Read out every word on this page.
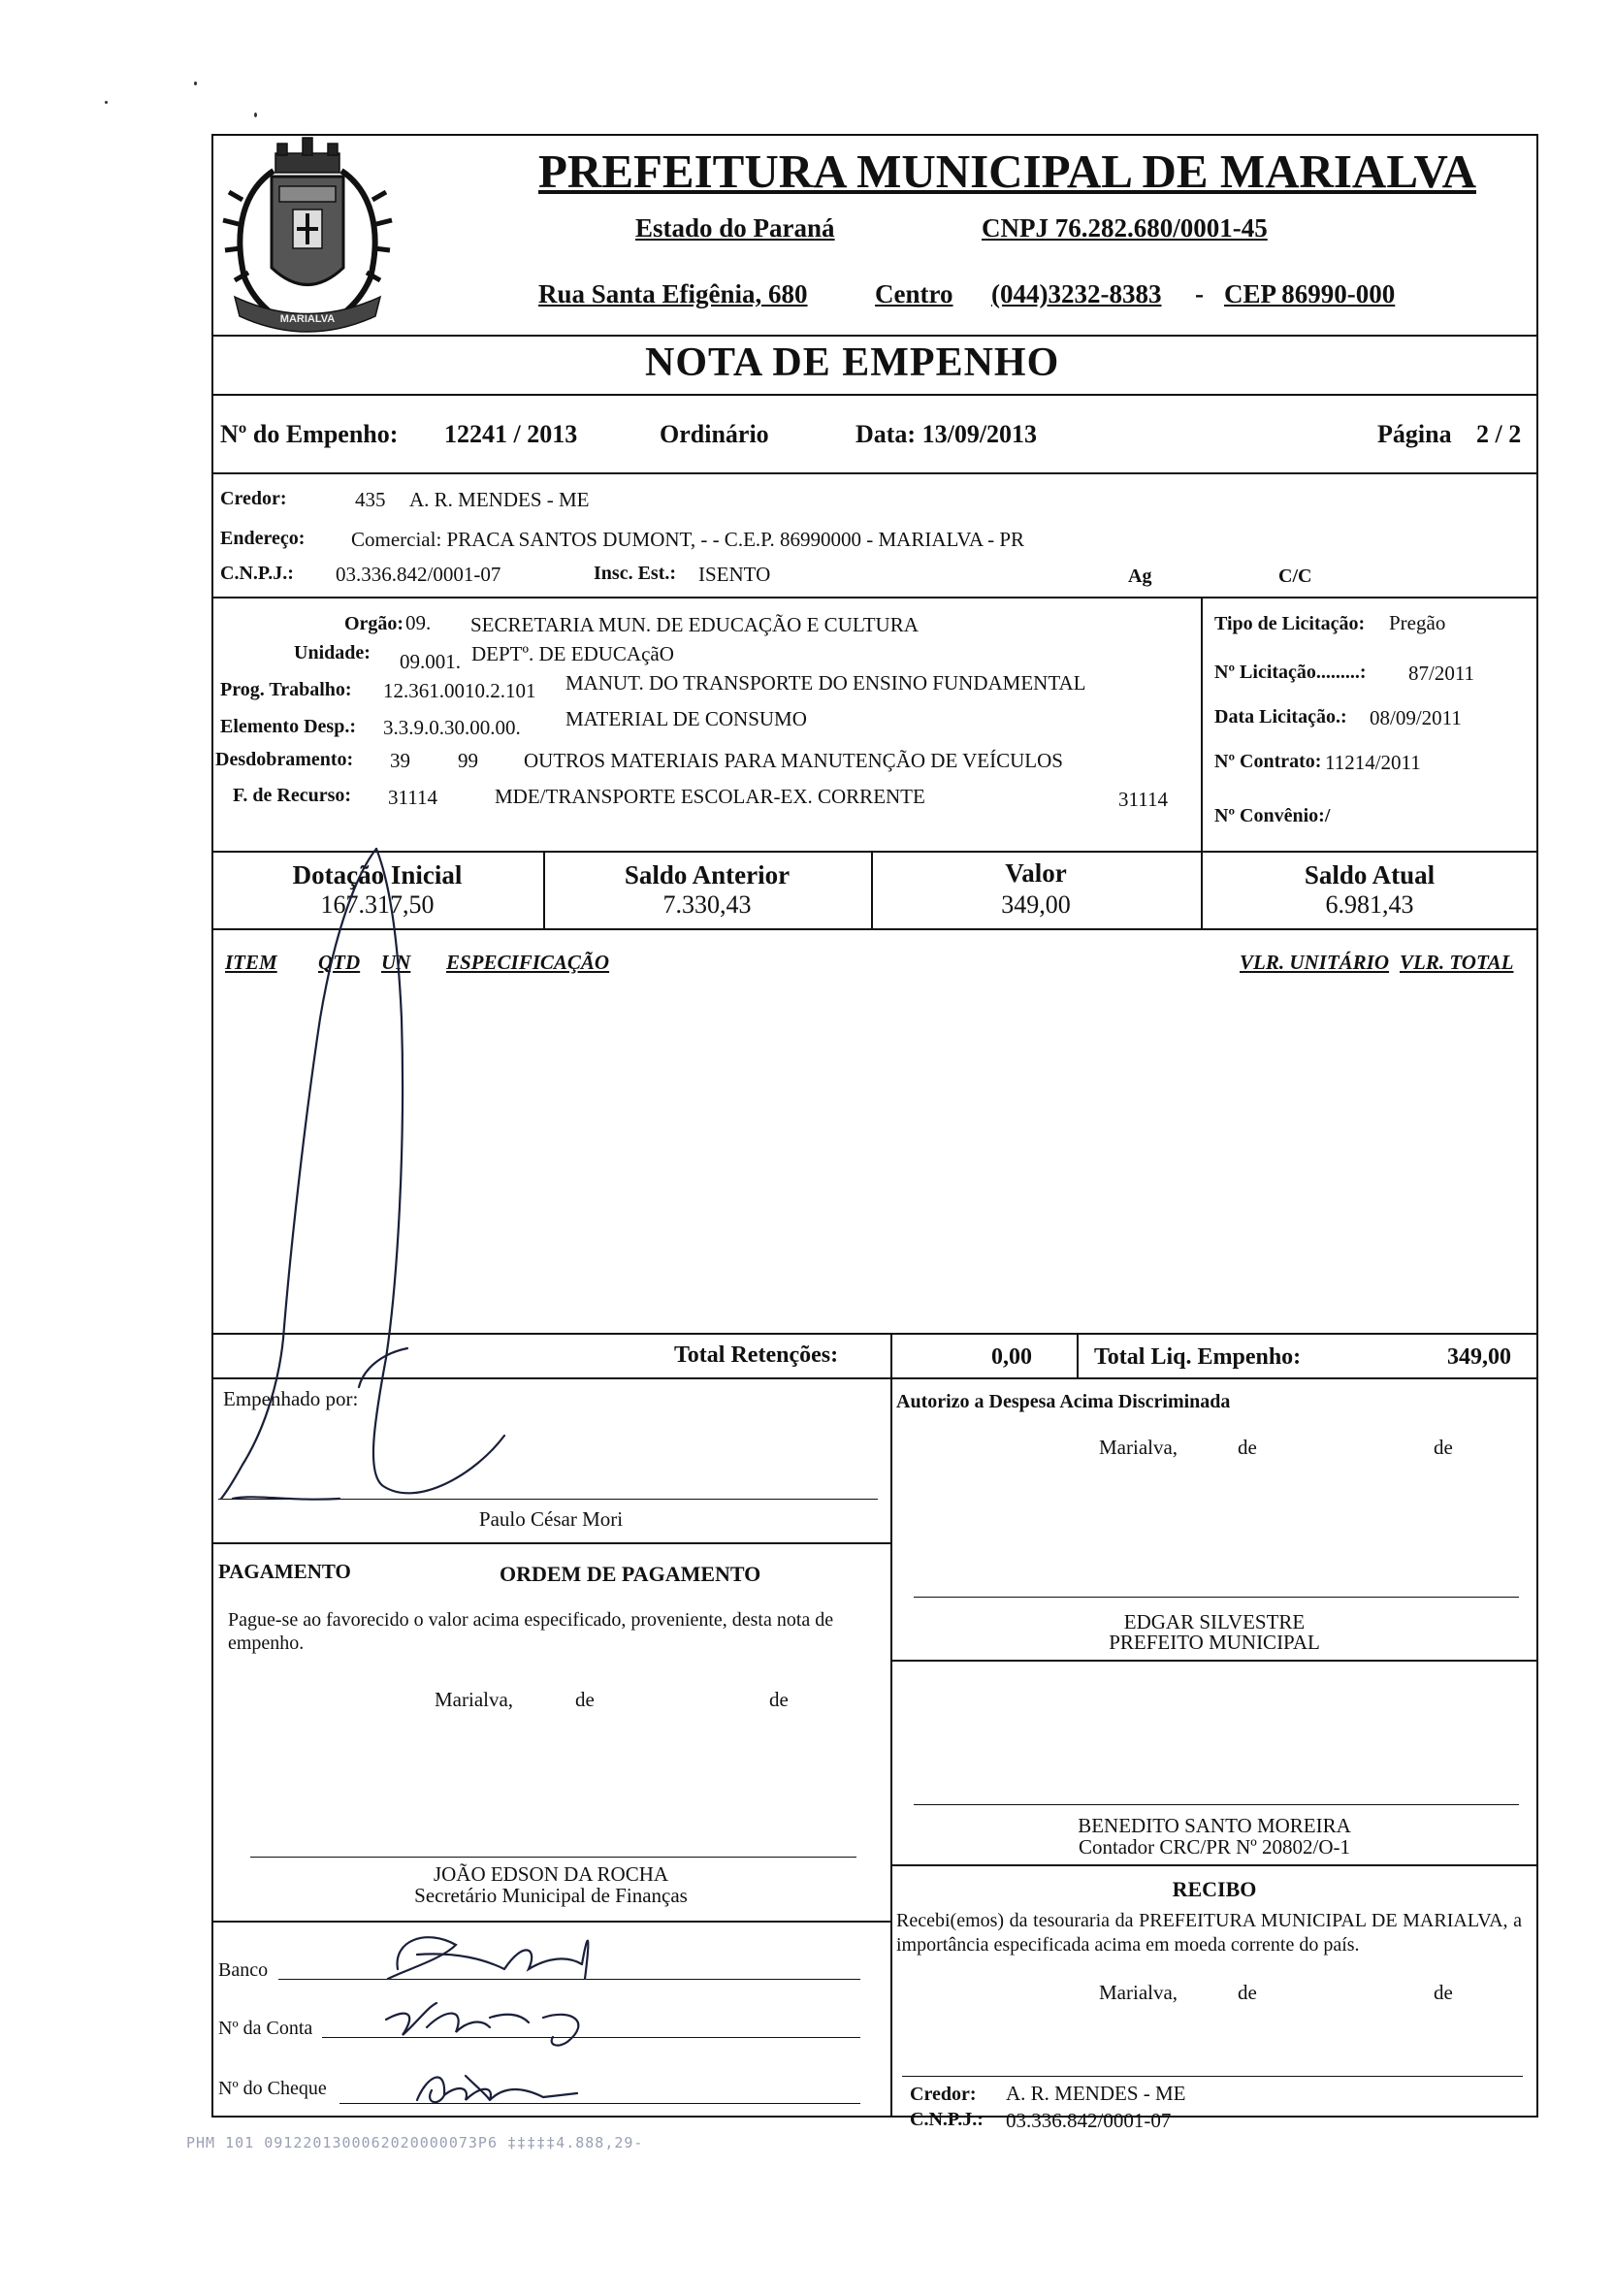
MARIALVA
PREFEITURA MUNICIPAL DE MARIALVA
Estado do Paraná	CNPJ 76.282.680/0001-45
Rua Santa Efigênia, 680	Centro (044)3232-8383 - CEP 86990-000
NOTA DE EMPENHO
Nº do Empenho: 12241 / 2013	Ordinário	Data: 13/09/2013	Página 2 / 2
Credor:	435 A. R. MENDES - ME
Endereço: Comercial: PRACA SANTOS DUMONT, - - C.E.P. 86990000 - MARIALVA - PR
C.N.P.J.: 03.336.842/0001-07	Insc. Est.: ISENTO	Ag	C/C
Orgão: 09. SECRETARIA MUN. DE EDUCAÇÃO E CULTURA
Unidade: 09.001. DEPTº. DE EDUCAçãO
Prog. Trabalho: 12.361.0010.2.101 MANUT. DO TRANSPORTE DO ENSINO FUNDAMENTAL
Elemento Desp.: 3.3.9.0.30.00.00. MATERIAL DE CONSUMO
Desdobramento: 39 99 OUTROS MATERIAIS PARA MANUTENÇÃO DE VEÍCULOS
F. de Recurso: 31114	MDE/TRANSPORTE ESCOLAR-EX. CORRENTE	31114
Tipo de Licitação: Pregão
Nº Licitação.........: 87/2011
Data Licitação.: 08/09/2011
Nº Contrato: 11214/2011
Nº Convênio:/
Dotação Inicial
167.317,50
Saldo Anterior
7.330,43
Valor
349,00
Saldo Atual
6.981,43
ITEM QTD UN ESPECIFICAÇÃO	VLR. UNITÁRIO VLR. TOTAL
Total Retenções:	0,00	Total Liq. Empenho:	349,00
Empenhado por:
Paulo César Mori
Autorizo a Despesa Acima Discriminada
Marialva,	de	de
EDGAR SILVESTRE
PREFEITO MUNICIPAL
BENEDITO SANTO MOREIRA
Contador CRC/PR Nº 20802/O-1
PAGAMENTO	ORDEM DE PAGAMENTO
Pague-se ao favorecido o valor acima especificado, proveniente, desta nota de empenho.
Marialva,	de	de
JOÃO EDSON DA ROCHA
Secretário Municipal de Finanças	RECIBO
Recebi(emos) da tesouraria da PREFEITURA MUNICIPAL DE MARIALVA, a importância especificada acima em moeda corrente do país.
Marialva,	de	de
Credor: A. R. MENDES - ME
C.N.P.J.: 03.336.842/0001-07
Banco
Nº da Conta
Nº do Cheque
PHM 101 0912201300062020000073P6 ‡‡‡‡‡4.888,29-
